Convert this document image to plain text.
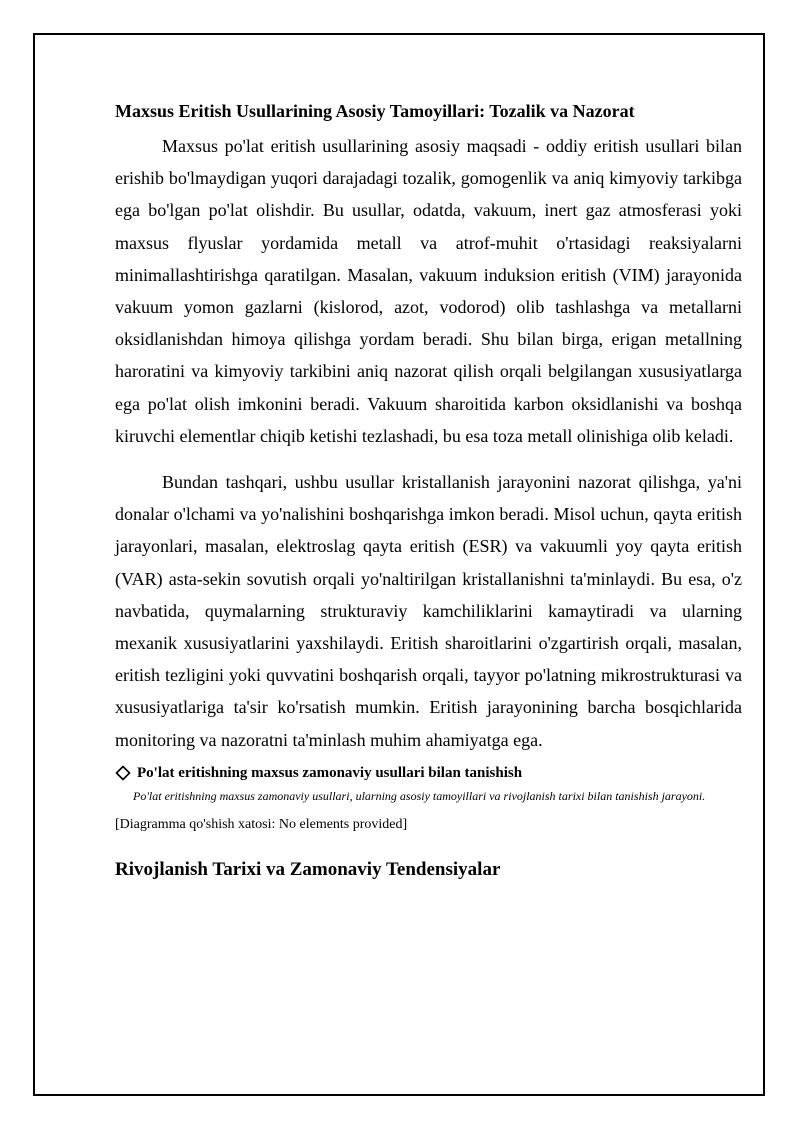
Maxsus Eritish Usullarining Asosiy Tamoyillari: Tozalik va Nazorat

Maxsus po'lat eritish usullarining asosiy maqsadi - oddiy eritish usullari bilan erishib bo'lmaydigan yuqori darajadagi tozalik, gomogenlik va aniq kimyoviy tarkibga ega bo'lgan po'lat olishdir. Bu usullar, odatda, vakuum, inert gaz atmosferasi yoki maxsus flyuslar yordamida metall va atrof-muhit o'rtasidagi reaksiyalarni minimallashtirishga qaratilgan. Masalan, vakuum induksion eritish (VIM) jarayonida vakuum yomon gazlarni (kislorod, azot, vodorod) olib tashlashga va metallarni oksidlanishdan himoya qilishga yordam beradi. Shu bilan birga, erigan metallning haroratini va kimyoviy tarkibini aniq nazorat qilish orqali belgilangan xususiyatlarga ega po'lat olish imkonini beradi. Vakuum sharoitida karbon oksidlanishi va boshqa kiruvchi elementlar chiqib ketishi tezlashadi, bu esa toza metall olinishiga olib keladi.

Bundan tashqari, ushbu usullar kristallanish jarayonini nazorat qilishga, ya'ni donalar o'lchami va yo'nalishini boshqarishga imkon beradi. Misol uchun, qayta eritish jarayonlari, masalan, elektroslag qayta eritish (ESR) va vakuumli yoy qayta eritish (VAR) asta-sekin sovutish orqali yo'naltirilgan kristallanishni ta'minlaydi. Bu esa, o'z navbatida, quymalarning strukturaviy kamchiliklarini kamaytiradi va ularning mexanik xususiyatlarini yaxshilaydi. Eritish sharoitlarini o'zgartirish orqali, masalan, eritish tezligini yoki quvvatini boshqarish orqali, tayyor po'latning mikrostrukturasi va xususiyatlariga ta'sir ko'rsatish mumkin. Eritish jarayonining barcha bosqichlarida monitoring va nazoratni ta'minlash muhim ahamiyatga ega.

Po'lat eritishning maxsus zamonaviy usullari bilan tanishish
Po'lat eritishning maxsus zamonaviy usullari, ularning asosiy tamoyillari va rivojlanish tarixi bilan tanishish jarayoni.
[Diagramma qo'shish xatosi: No elements provided]
Rivojlanish Tarixi va Zamonaviy Tendensiyalar
